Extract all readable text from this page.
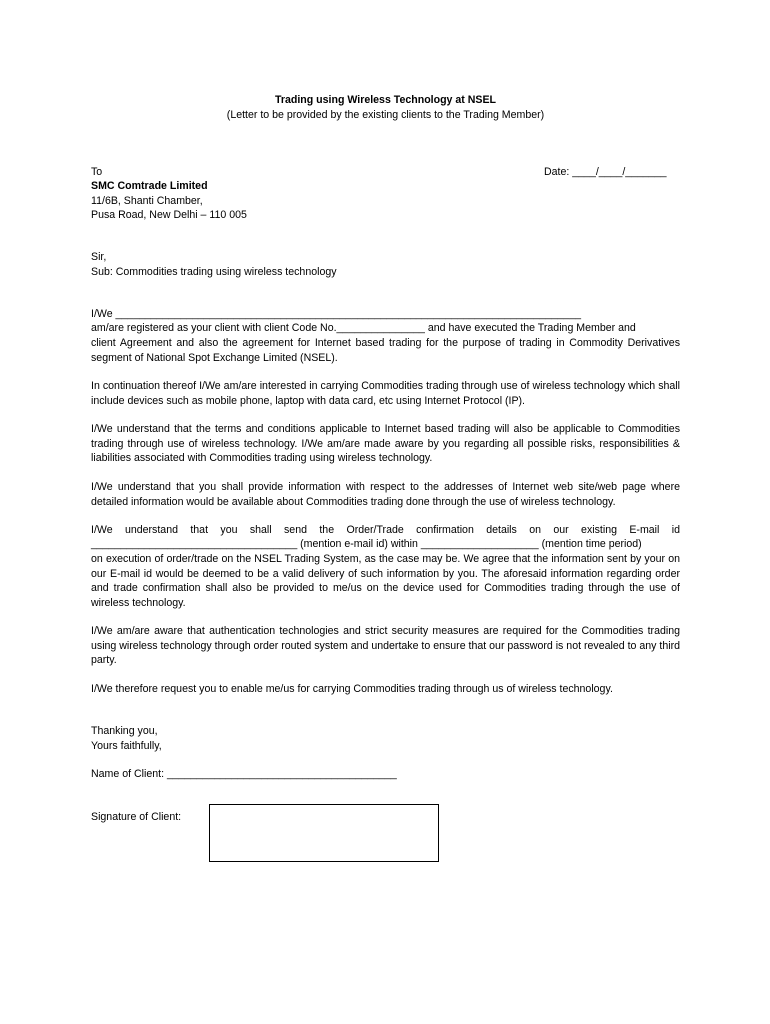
Trading using Wireless Technology at NSEL
(Letter to be provided by the existing clients to the Trading Member)
To	Date: ____/____/_______
SMC Comtrade Limited
11/6B, Shanti Chamber,
Pusa Road, New Delhi – 110 005
Sir,
Sub: Commodities trading using wireless technology
I/We _______________________________________________________________________________
am/are registered as your client with client Code No._______________ and have executed the Trading Member and
client Agreement and also the agreement for Internet based trading for the purpose of trading in Commodity Derivatives segment of National Spot Exchange Limited (NSEL).
In continuation thereof I/We am/are interested in carrying Commodities trading through use of wireless technology which shall include devices such as mobile phone, laptop with data card, etc using Internet Protocol (IP).
I/We understand that the terms and conditions applicable to Internet based trading will also be applicable to Commodities trading through use of wireless technology. I/We am/are made aware by you regarding all possible risks, responsibilities & liabilities associated with Commodities trading using wireless technology.
I/We understand that you shall provide information with respect to the addresses of Internet web site/web page where detailed information would be available about Commodities trading done through the use of wireless technology.
I/We understand that you shall send the Order/Trade confirmation details on our existing E-mail id
___________________________________ (mention e-mail id) within ____________________ (mention time period)
on execution of order/trade on the NSEL Trading System, as the case may be. We agree that the information sent by your on our E-mail id would be deemed to be a valid delivery of such information by you. The aforesaid information regarding order and trade confirmation shall also be provided to me/us on the device used for Commodities trading through the use of wireless technology.
I/We am/are aware that authentication technologies and strict security measures are required for the Commodities trading using wireless technology through order routed system and undertake to ensure that our password is not revealed to any third party.
I/We therefore request you to enable me/us for carrying Commodities trading through us of wireless technology.
Thanking you,
Yours faithfully,
Name of Client: _______________________________________
Signature of Client:
